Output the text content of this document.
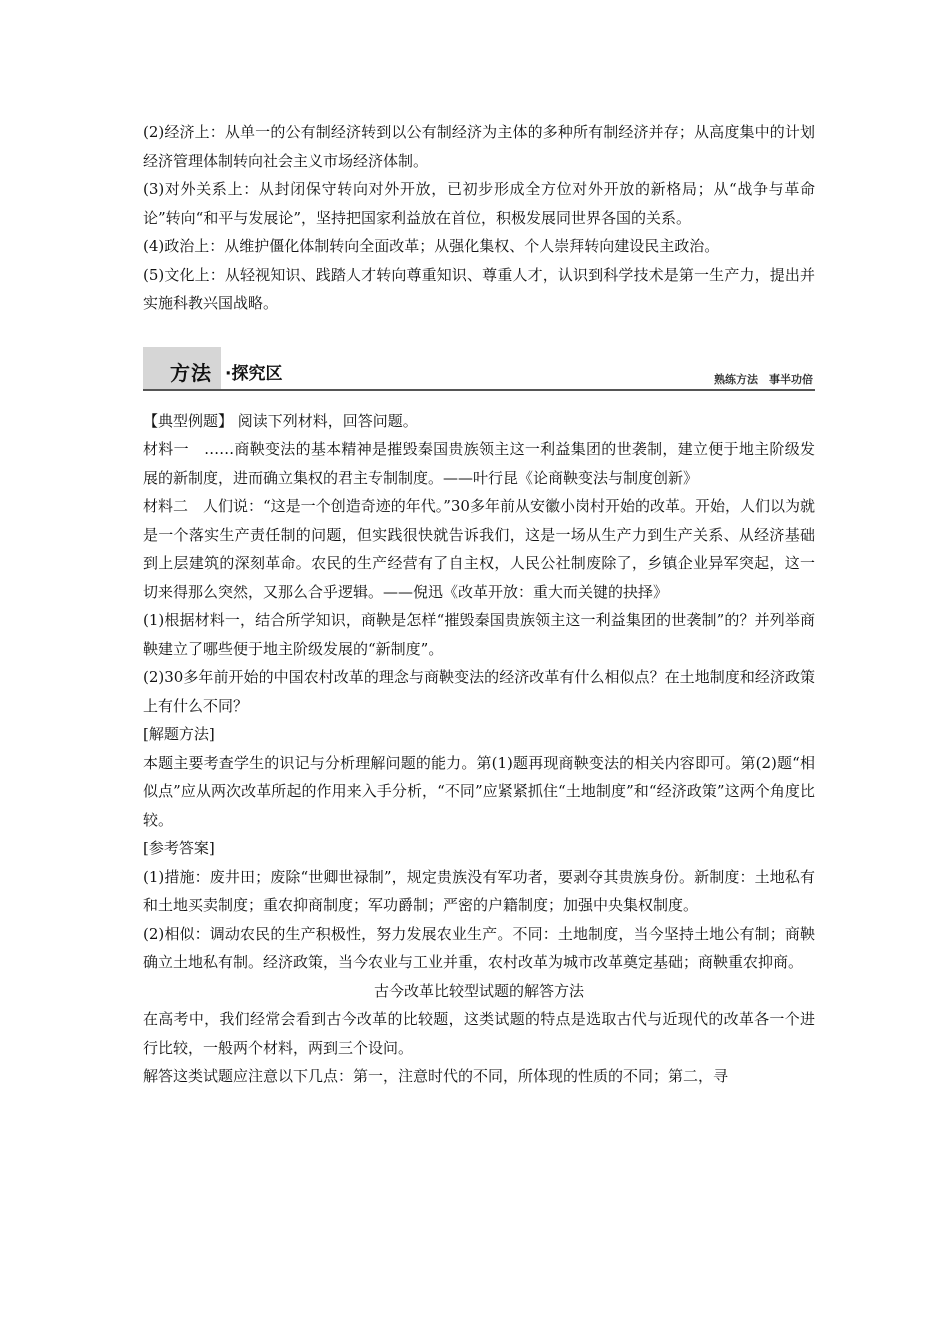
(2)经济上：从单一的公有制经济转到以公有制经济为主体的多种所有制经济并存；从高度集中的计划经济管理体制转向社会主义市场经济体制。

(3)对外关系上：从封闭保守转向对外开放，已初步形成全方位对外开放的新格局；从“战争与革命论”转向“和平与发展论”，坚持把国家利益放在首位，积极发展同世界各国的关系。

(4)政治上：从维护僵化体制转向全面改革；从强化集权、个人崇拜转向建设民主政治。

(5)文化上：从轻视知识、践踏人才转向尊重知识、尊重人才，认识到科学技术是第一生产力，提出并实施科教兴国战略。

方法 ·探究区	熟练方法　事半功倍

【典型例题】 阅读下列材料，回答问题。

材料一　……商鞅变法的基本精神是摧毁秦国贵族领主这一利益集团的世袭制，建立便于地主阶级发展的新制度，进而确立集权的君主专制制度。——叶行昆《论商鞅变法与制度创新》

材料二　人们说：“这是一个创造奇迹的年代。”30多年前从安徽小岗村开始的改革。开始，人们以为就是一个落实生产责任制的问题，但实践很快就告诉我们，这是一场从生产力到生产关系、从经济基础到上层建筑的深刻革命。农民的生产经营有了自主权，人民公社制废除了，乡镇企业异军突起，这一切来得那么突然，又那么合乎逻辑。——倪迅《改革开放：重大而关键的抉择》

(1)根据材料一，结合所学知识，商鞅是怎样“摧毁秦国贵族领主这一利益集团的世袭制”的？并列举商鞅建立了哪些便于地主阶级发展的“新制度”。

(2)30多年前开始的中国农村改革的理念与商鞅变法的经济改革有什么相似点？在土地制度和经济政策上有什么不同？

[解题方法]

本题主要考查学生的识记与分析理解问题的能力。第(1)题再现商鞅变法的相关内容即可。第(2)题“相似点”应从两次改革所起的作用来入手分析，“不同”应紧紧抓住“土地制度”和“经济政策”这两个角度比较。

[参考答案]

(1)措施：废井田；废除“世卿世禄制”，规定贵族没有军功者，要剥夺其贵族身份。新制度：土地私有和土地买卖制度；重农抑商制度；军功爵制；严密的户籍制度；加强中央集权制度。

(2)相似：调动农民的生产积极性，努力发展农业生产。不同：土地制度，当今坚持土地公有制；商鞅确立土地私有制。经济政策，当今农业与工业并重，农村改革为城市改革奠定基础；商鞅重农抑商。

古今改革比较型试题的解答方法

在高考中，我们经常会看到古今改革的比较题，这类试题的特点是选取古代与近现代的改革各一个进行比较，一般两个材料，两到三个设问。

解答这类试题应注意以下几点：第一，注意时代的不同，所体现的性质的不同；第二，寻
